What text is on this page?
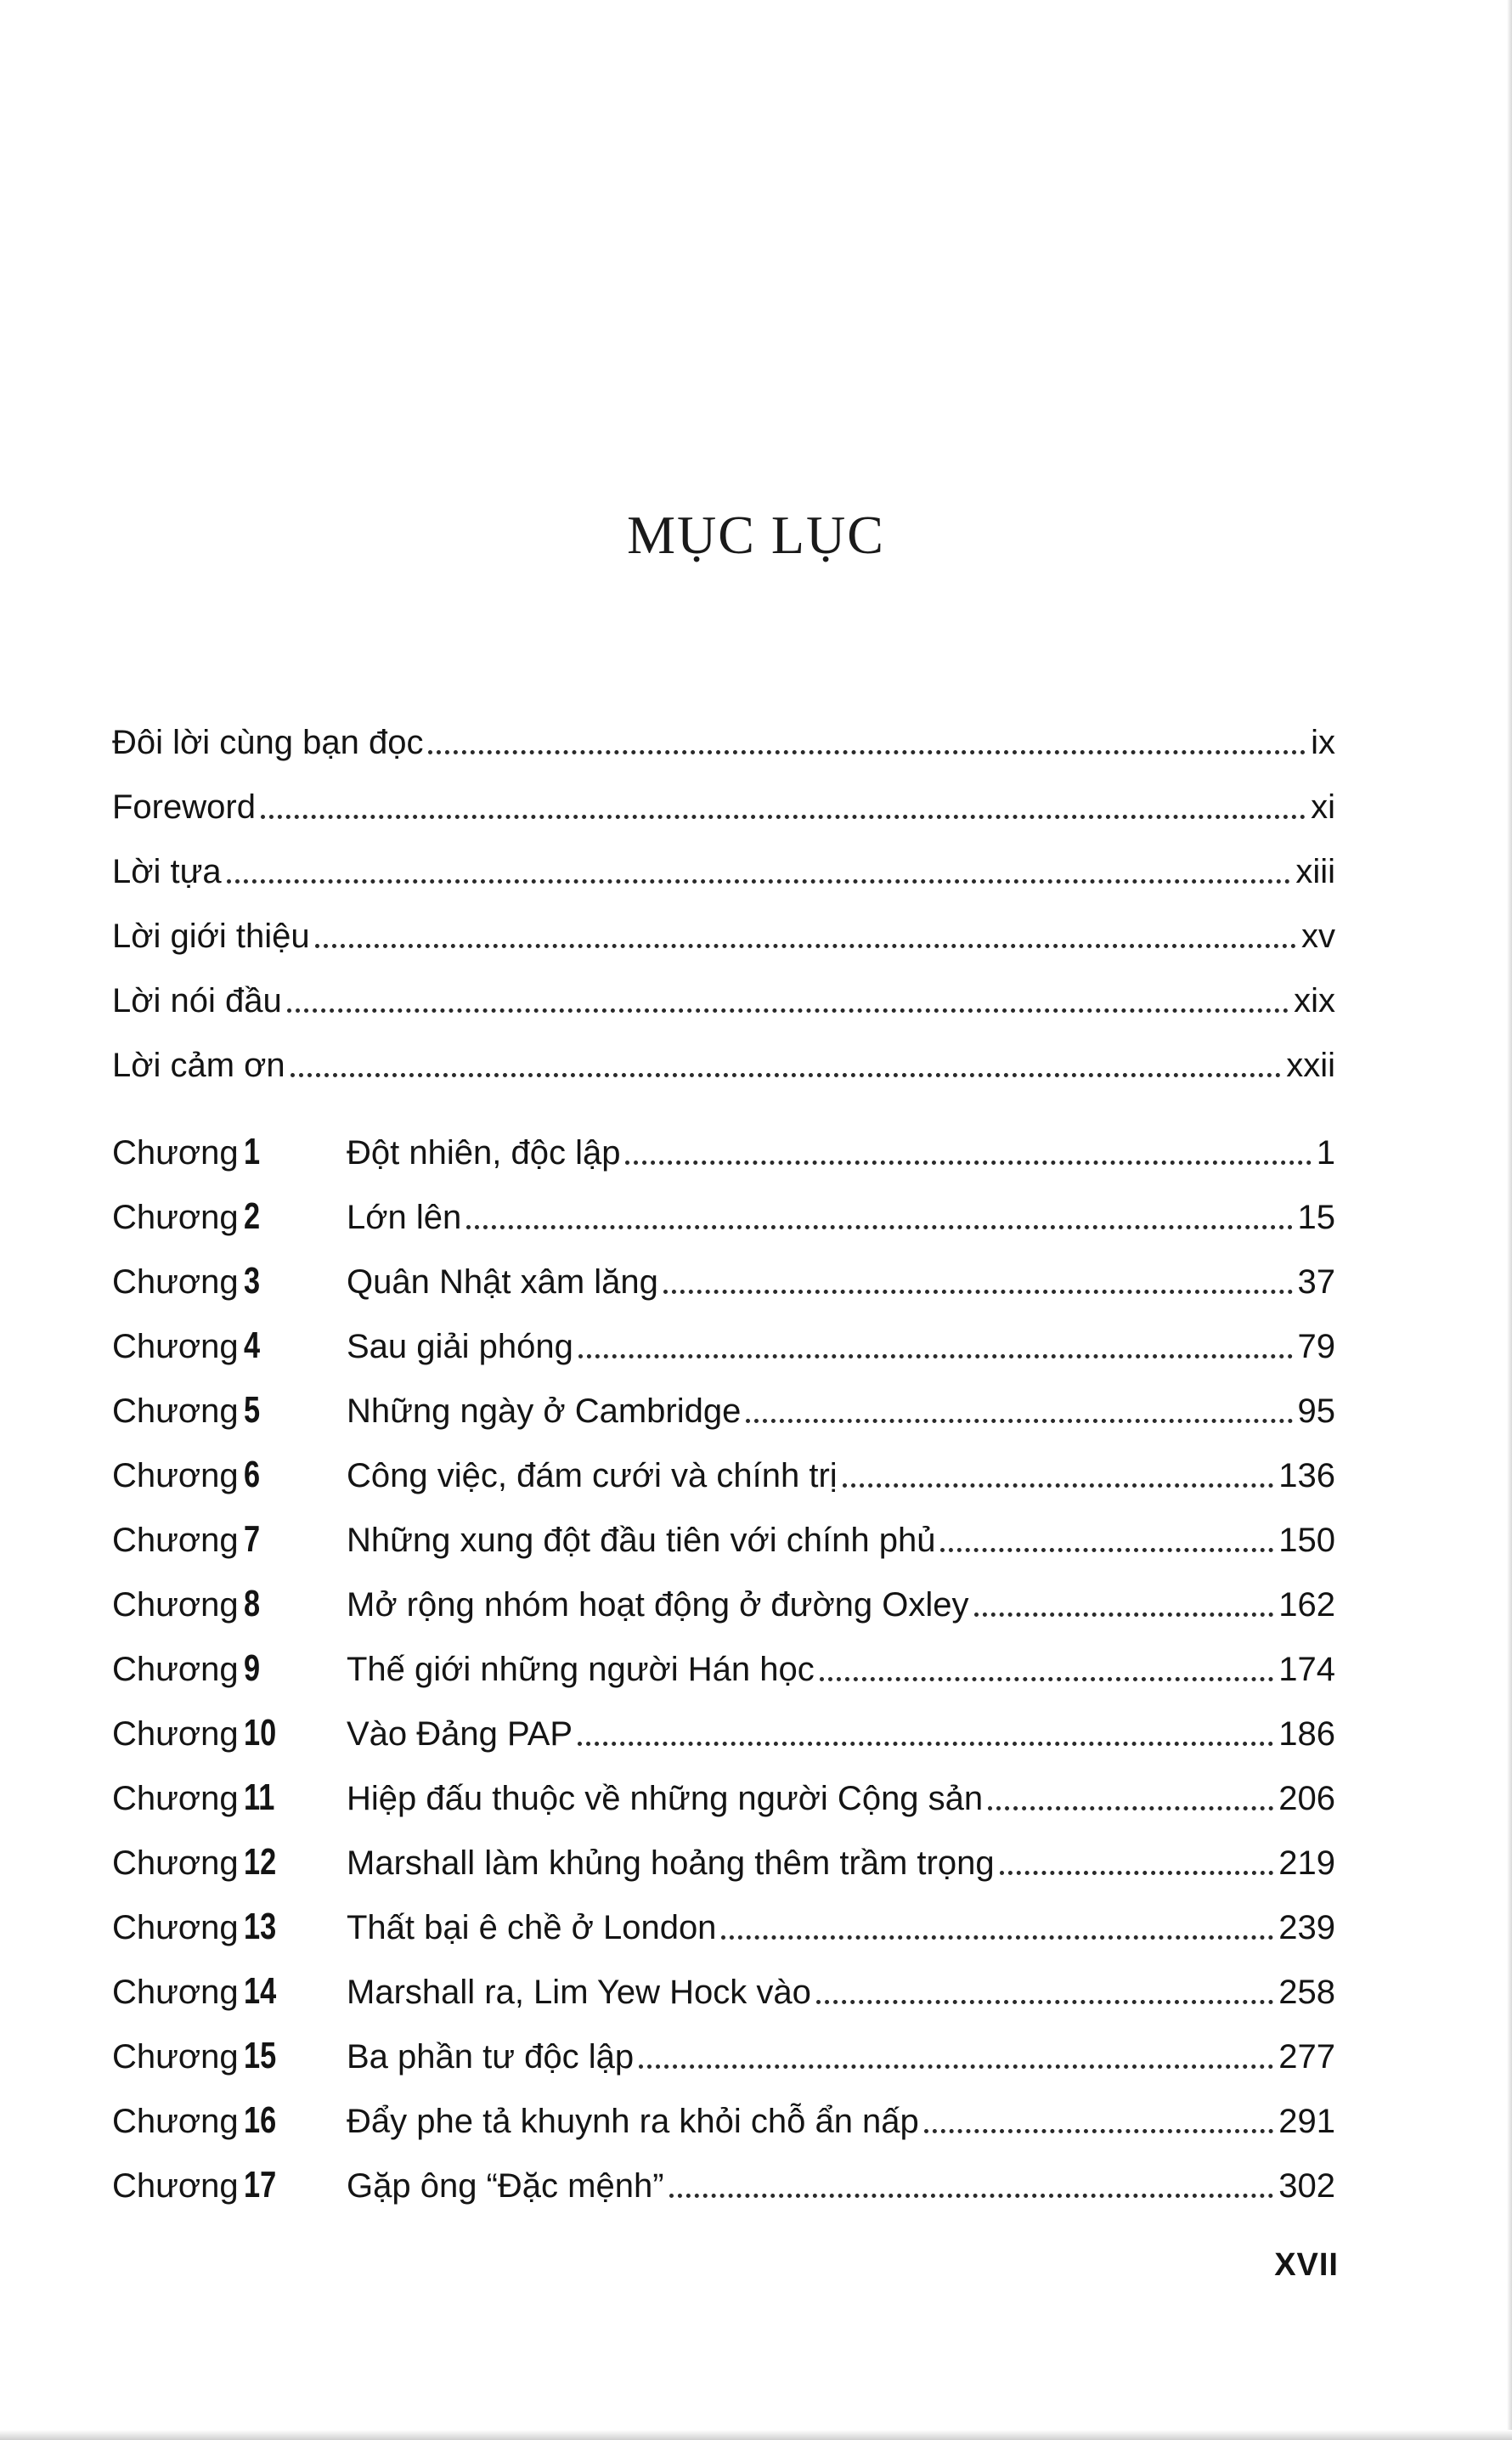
MỤC LỤC
Đôi lời cùng bạn đọc	ix
Foreword	xi
Lời tựa	xiii
Lời giới thiệu	xv
Lời nói đầu	xix
Lời cảm ơn	xxii
Chương 1	Đột nhiên, độc lập	1
Chương 2	Lớn lên	15
Chương 3	Quân Nhật xâm lăng	37
Chương 4	Sau giải phóng	79
Chương 5	Những ngày ở Cambridge	95
Chương 6	Công việc, đám cưới và chính trị	136
Chương 7	Những xung đột đầu tiên với chính phủ	150
Chương 8	Mở rộng nhóm hoạt động ở đường Oxley	162
Chương 9	Thế giới những người Hán học	174
Chương 10	Vào Đảng PAP	186
Chương 11	Hiệp đấu thuộc về những người Cộng sản	206
Chương 12	Marshall làm khủng hoảng thêm trầm trọng	219
Chương 13	Thất bại ê chề ở London	239
Chương 14	Marshall ra, Lim Yew Hock vào	258
Chương 15	Ba phần tư độc lập	277
Chương 16	Đẩy phe tả khuynh ra khỏi chỗ ẩn nấp	291
Chương 17	Gặp ông “Đặc mệnh”	302
XVII
